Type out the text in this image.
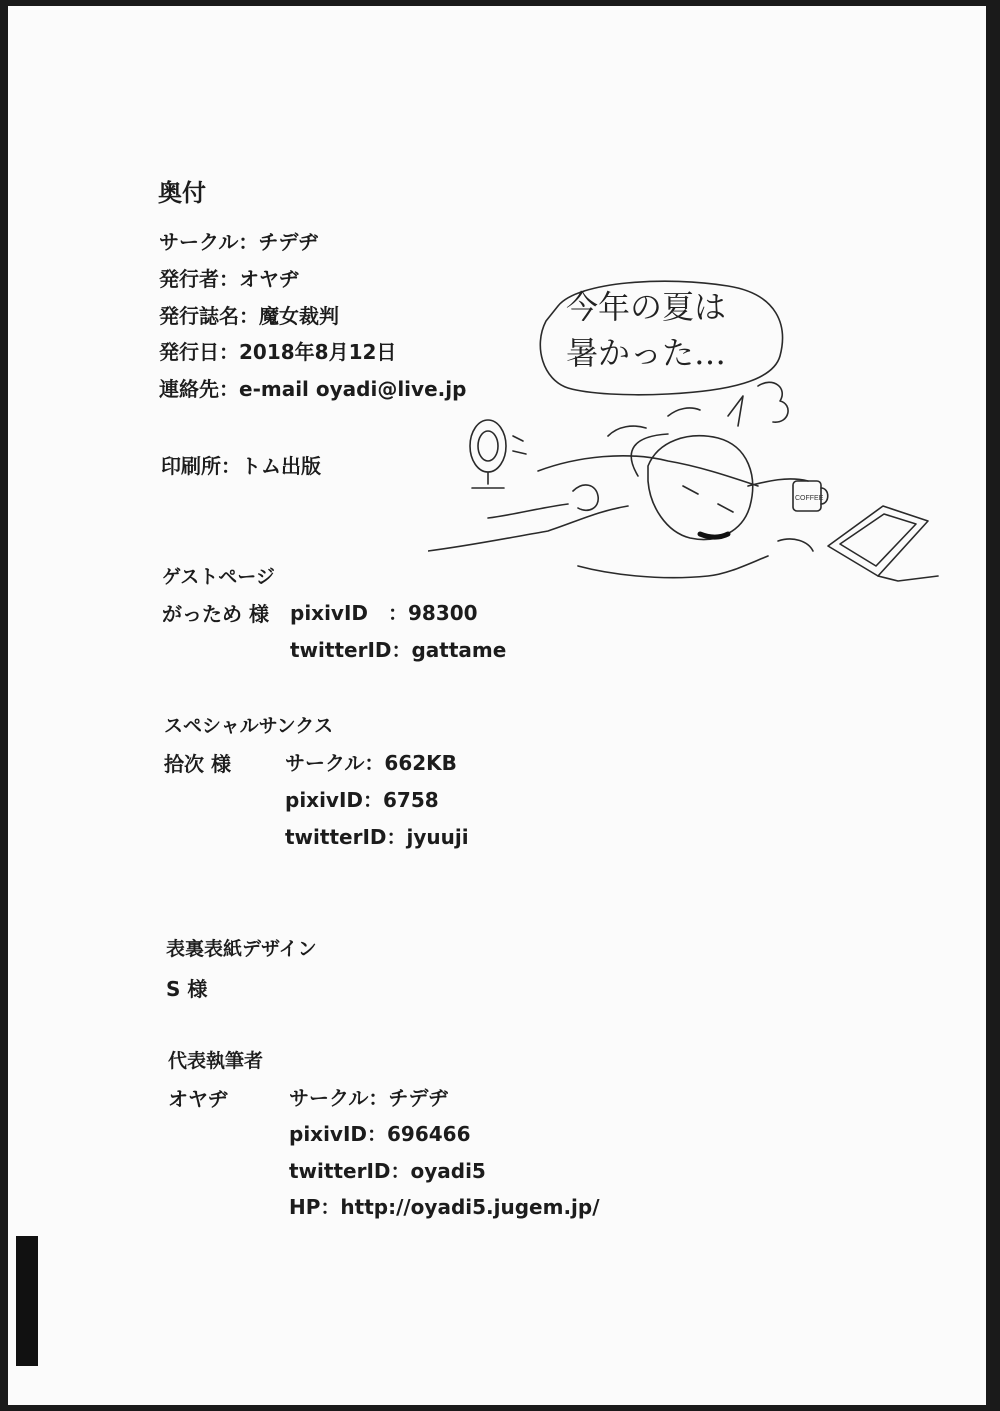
奥付
サークル：チデヂ
発行者：オヤヂ
発行誌名：魔女裁判
発行日：2018年8月12日
連絡先：e-mail oyadi@live.jp
印刷所：トム出版
ゲストページ
がっため 様 pixivID　：98300
twitterID：gattame
スペシャルサンクス
拾次 様	サークル：662KB
pixivID：6758
twitterID：jyuuji
表裏表紙デザイン
S 様
代表執筆者
オヤヂ	サークル：チデヂ
pixivID：696466
twitterID：oyadi5
HP：http://oyadi5.jugem.jp/
COFFEE
今年の夏は
暑かった…
